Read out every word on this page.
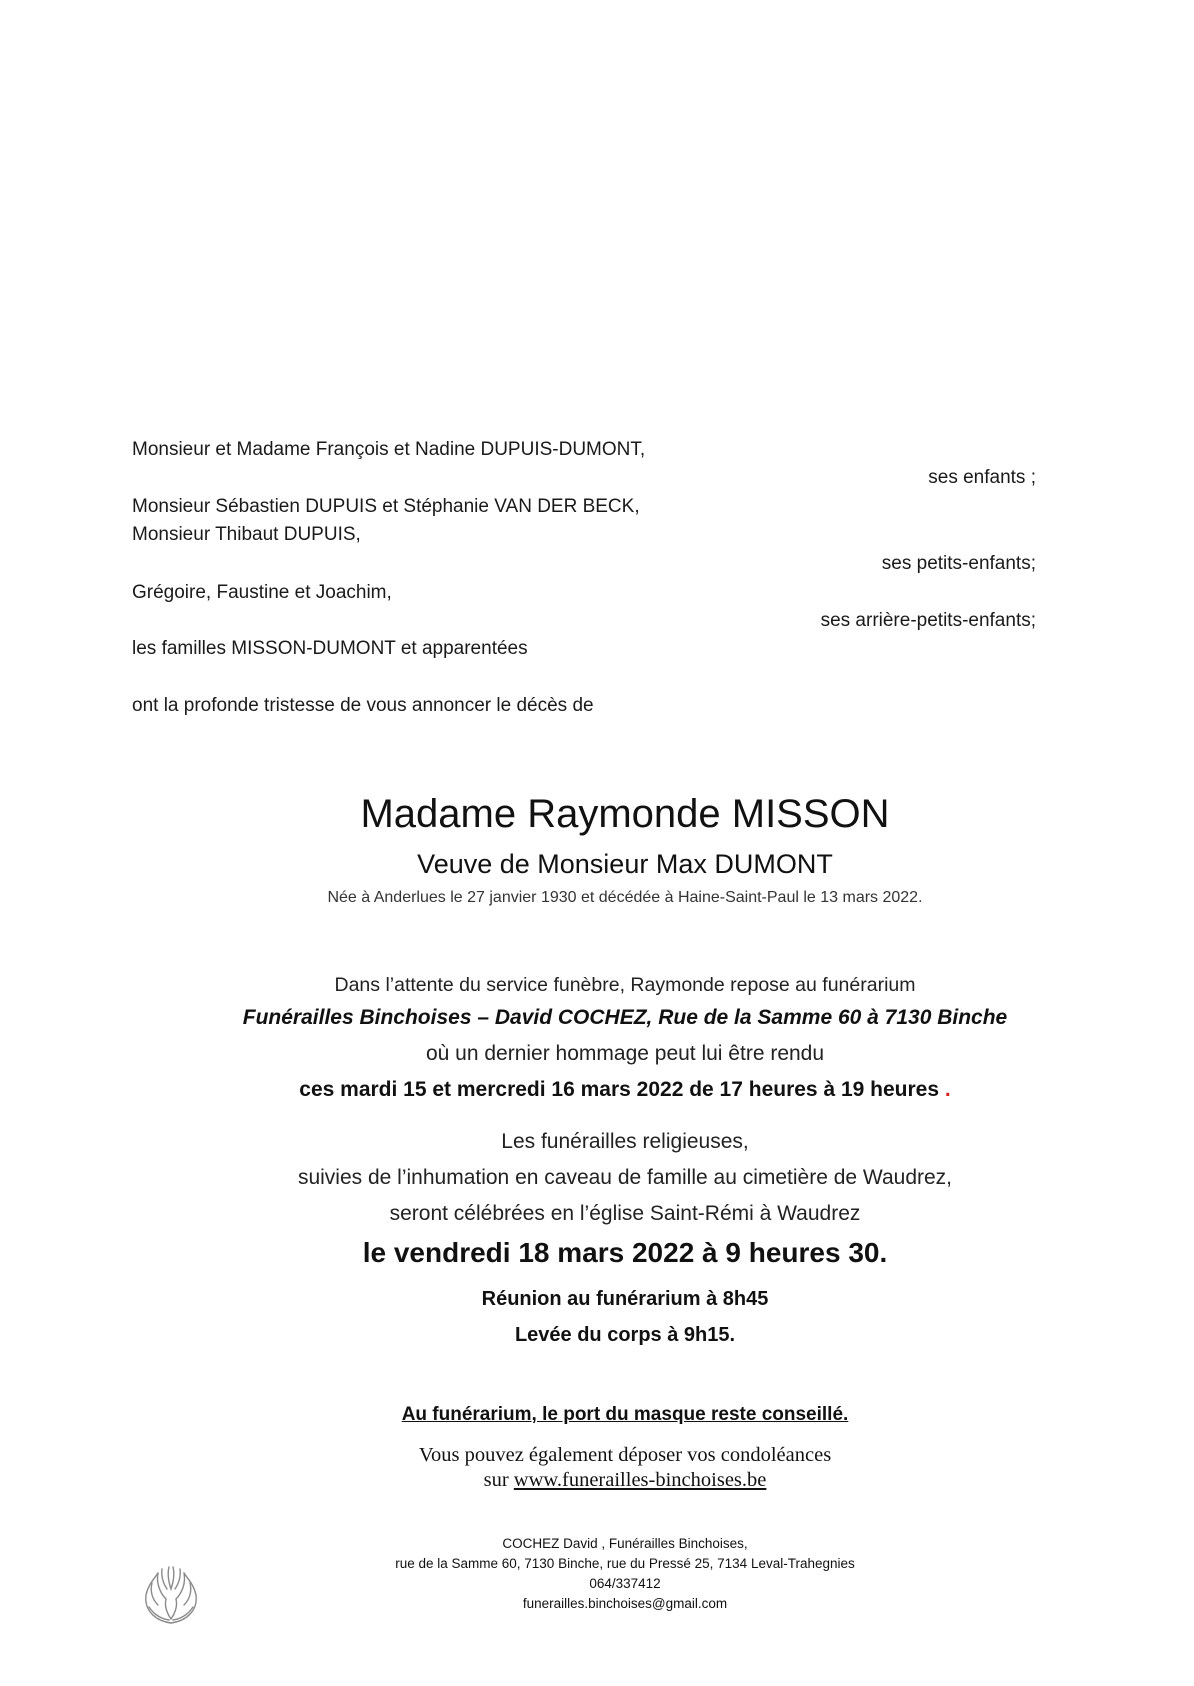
Monsieur et Madame François et Nadine DUPUIS-DUMONT,
ses enfants ;
Monsieur Sébastien DUPUIS et Stéphanie VAN DER BECK,
Monsieur Thibaut DUPUIS,
ses petits-enfants;
Grégoire, Faustine et Joachim,
ses arrière-petits-enfants;
les familles MISSON-DUMONT et apparentées
ont la profonde tristesse de vous annoncer le décès de
Madame Raymonde MISSON
Veuve de Monsieur Max DUMONT
Née à Anderlues le 27 janvier 1930 et décédée à Haine-Saint-Paul le 13 mars 2022.
Dans l’attente du service funèbre, Raymonde repose au funérarium
Funérailles Binchoises – David COCHEZ, Rue de la Samme 60 à 7130 Binche
où un dernier hommage peut lui être rendu
ces mardi 15 et mercredi 16 mars 2022 de 17 heures à 19 heures .
Les funérailles religieuses,
suivies de l’inhumation en caveau de famille au cimetière de Waudrez,
seront célébrées en l’église Saint-Rémi à Waudrez
le vendredi 18 mars 2022 à 9 heures 30.
Réunion au funérarium à 8h45
Levée du corps à 9h15.
Au funérarium, le port du masque reste conseillé.
Vous pouvez également déposer vos condoléances
sur www.funerailles-binchoises.be
COCHEZ David , Funérailles Binchoises,
rue de la Samme 60, 7130 Binche, rue du Pressé 25, 7134 Leval-Trahegnies
064/337412
funerailles.binchoises@gmail.com
